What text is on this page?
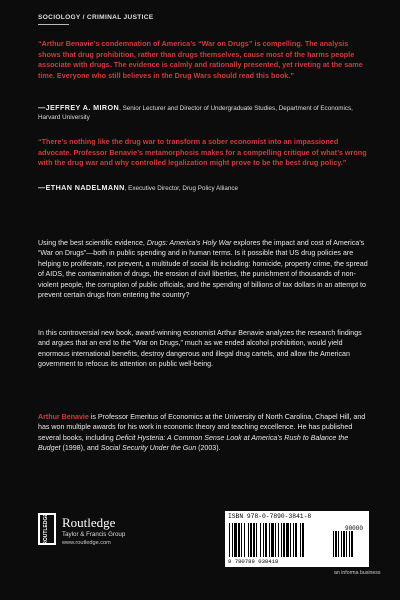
SOCIOLOGY / CRIMINAL JUSTICE
“Arthur Benavie’s condemnation of America’s “War on Drugs” is compelling. The analysis shows that drug prohibition, rather than drugs themselves, cause most of the harms people associate with drugs. The evidence is calmly and rationally presented, yet riveting at the same time. Everyone who still believes in the Drug Wars should read this book.”
—JEFFREY A. MIRON, Senior Lecturer and Director of Undergraduate Studies, Department of Economics, Harvard University
“There’s nothing like the drug war to transform a sober economist into an impassioned advocate. Professor Benavie’s metamorphosis makes for a compelling critique of what’s wrong with the drug war and why controlled legalization might prove to be the best drug policy.”
—ETHAN NADELMANN, Executive Director, Drug Policy Alliance
Using the best scientific evidence, Drugs: America’s Holy War explores the impact and cost of America’s “War on Drugs”—both in public spending and in human terms. Is it possible that US drug policies are helping to proliferate, not prevent, a multitude of social ills including: homicide, property crime, the spread of AIDS, the contamination of drugs, the erosion of civil liberties, the punishment of thousands of non-violent people, the corruption of public officials, and the spending of billions of tax dollars in an attempt to prevent certain drugs from entering the country?
In this controversial new book, award-winning economist Arthur Benavie analyzes the research findings and argues that an end to the “War on Drugs,” much as we ended alcohol prohibition, would yield enormous international benefits, destroy dangerous and illegal drug cartels, and allow the American government to refocus its attention on public well-being.
Arthur Benavie is Professor Emeritus of Economics at the University of North Carolina, Chapel Hill, and has won multiple awards for his work in economic theory and teaching excellence. He has published several books, including Deficit Hysteria: A Common Sense Look at America’s Rush to Balance the Budget (1998), and Social Security Under the Gun (2003).
ROUTLEDGE Routledge
Taylor & Francis Group
www.routledge.com
ISBN 978-0-7890-3841-8
9 780789 038418
90000
an informa business
